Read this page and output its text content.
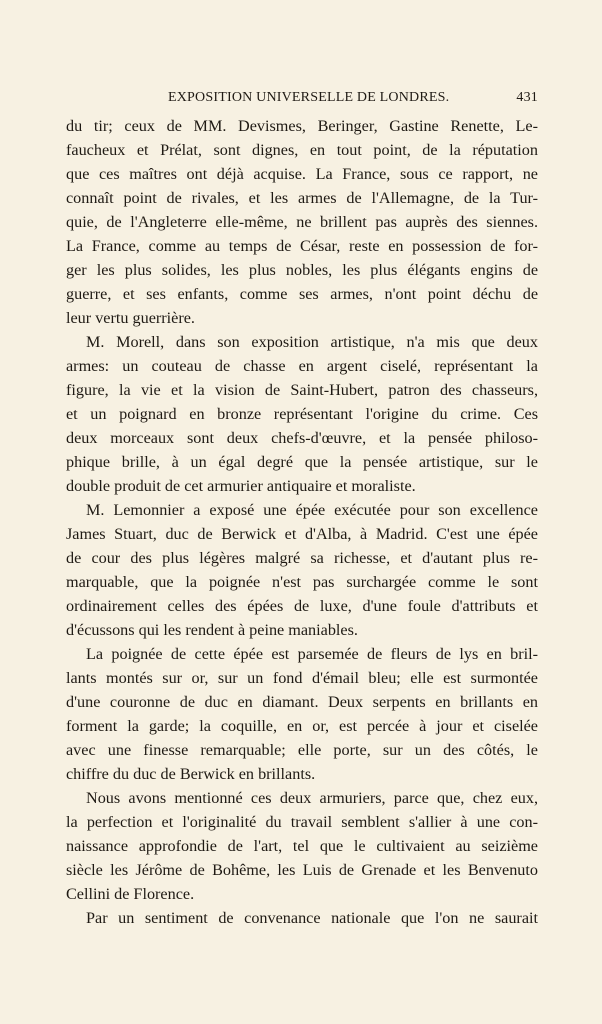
EXPOSITION UNIVERSELLE DE LONDRES.	431
du tir; ceux de MM. Devismes, Beringer, Gastine Renette, Le-
faucheux et Prélat, sont dignes, en tout point, de la réputation
que ces maîtres ont déjà acquise. La France, sous ce rapport, ne
connaît point de rivales, et les armes de l'Allemagne, de la Tur-
quie, de l'Angleterre elle-même, ne brillent pas auprès des siennes.
La France, comme au temps de César, reste en possession de for-
ger les plus solides, les plus nobles, les plus élégants engins de
guerre, et ses enfants, comme ses armes, n'ont point déchu de
leur vertu guerrière.
M. Morell, dans son exposition artistique, n'a mis que deux
armes: un couteau de chasse en argent ciselé, représentant la
figure, la vie et la vision de Saint-Hubert, patron des chasseurs,
et un poignard en bronze représentant l'origine du crime. Ces
deux morceaux sont deux chefs-d'œuvre, et la pensée philoso-
phique brille, à un égal degré que la pensée artistique, sur le
double produit de cet armurier antiquaire et moraliste.
M. Lemonnier a exposé une épée exécutée pour son excellence
James Stuart, duc de Berwick et d'Alba, à Madrid. C'est une épée
de cour des plus légères malgré sa richesse, et d'autant plus re-
marquable, que la poignée n'est pas surchargée comme le sont
ordinairement celles des épées de luxe, d'une foule d'attributs et
d'écussons qui les rendent à peine maniables.
La poignée de cette épée est parsemée de fleurs de lys en bril-
lants montés sur or, sur un fond d'émail bleu; elle est surmontée
d'une couronne de duc en diamant. Deux serpents en brillants en
forment la garde; la coquille, en or, est percée à jour et ciselée
avec une finesse remarquable; elle porte, sur un des côtés, le
chiffre du duc de Berwick en brillants.
Nous avons mentionné ces deux armuriers, parce que, chez eux,
la perfection et l'originalité du travail semblent s'allier à une con-
naissance approfondie de l'art, tel que le cultivaient au seizième
siècle les Jérôme de Bohême, les Luis de Grenade et les Benvenuto
Cellini de Florence.
Par un sentiment de convenance nationale que l'on ne saurait
